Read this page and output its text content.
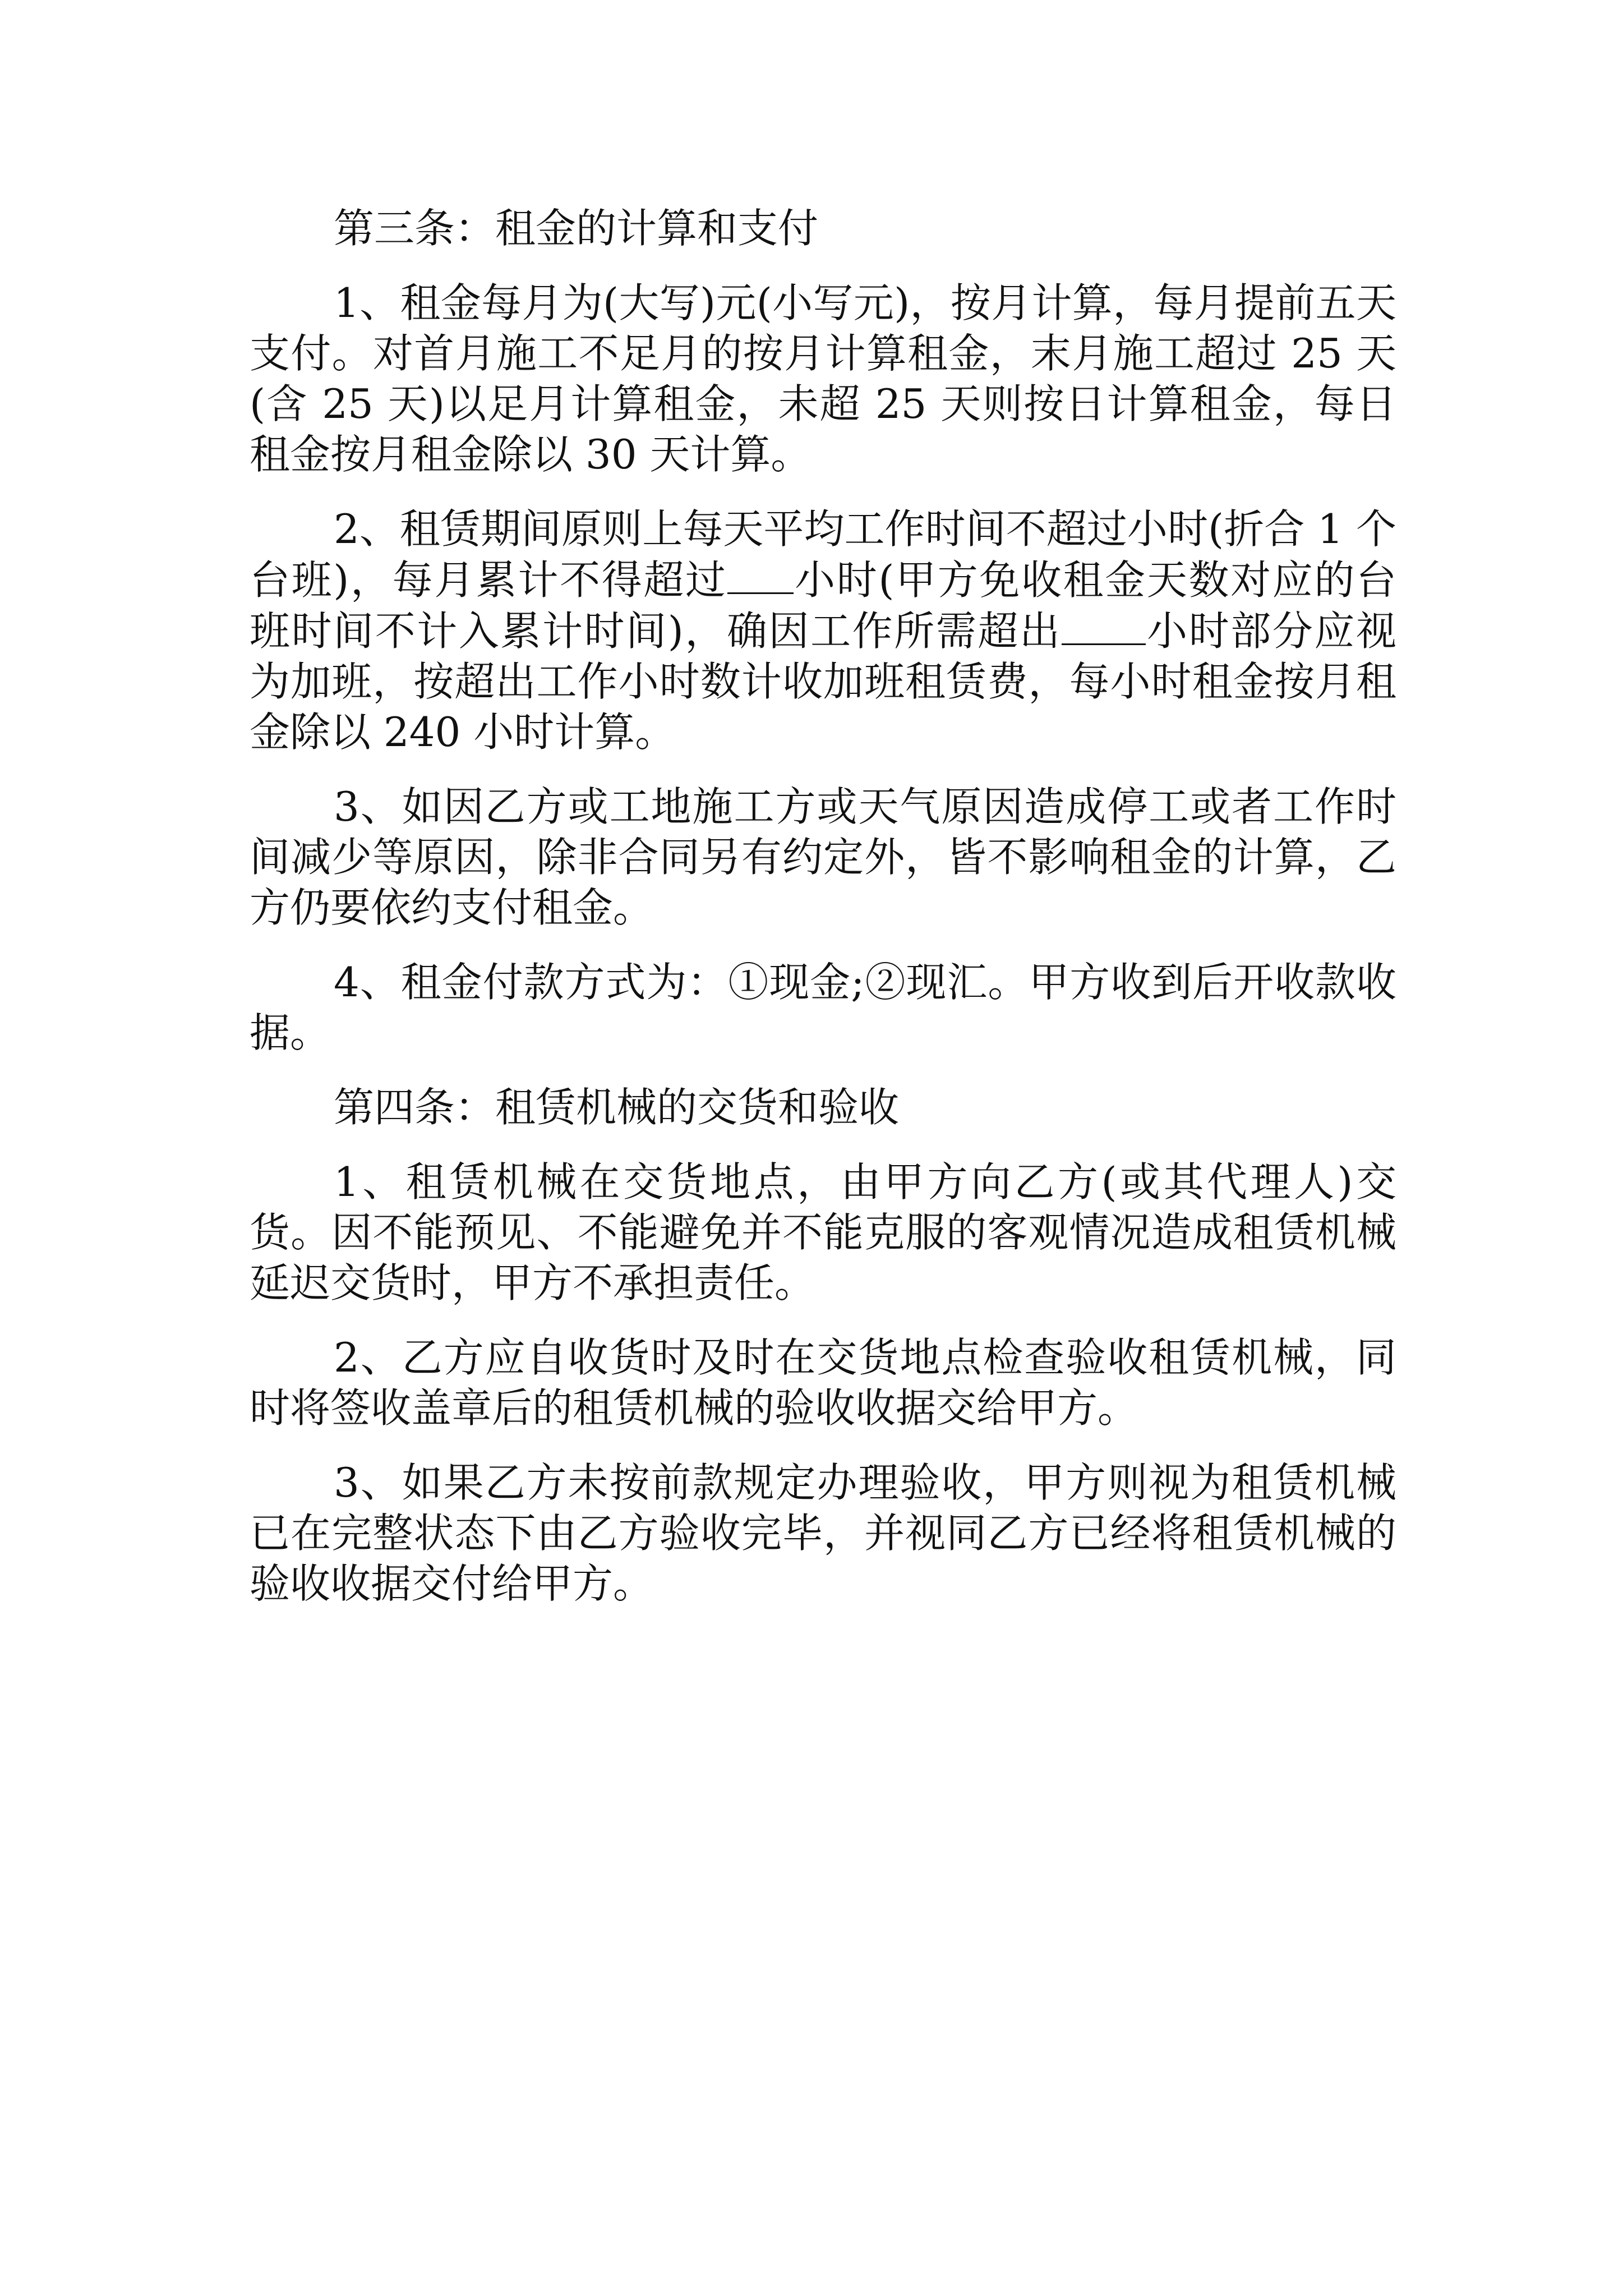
第三条：租金的计算和支付

1、租金每月为(大写)元(小写元)，按月计算，每月提前五天支付。对首月施工不足月的按月计算租金，末月施工超过 25 天(含 25 天)以足月计算租金，未超 25 天则按日计算租金，每日租金按月租金除以 30 天计算。

2、租赁期间原则上每天平均工作时间不超过小时(折合 1 个台班)，每月累计不得超过 小时(甲方免收租金天数对应的台班时间不计入累计时间)，确因工作所需超出 小时部分应视为加班，按超出工作小时数计收加班租赁费，每小时租金按月租金除以 240 小时计算。

3、如因乙方或工地施工方或天气原因造成停工或者工作时间减少等原因，除非合同另有约定外，皆不影响租金的计算，乙方仍要依约支付租金。

4、租金付款方式为：①现金;②现汇。甲方收到后开收款收据。

第四条：租赁机械的交货和验收

1、租赁机械在交货地点，由甲方向乙方(或其代理人)交货。因不能预见、不能避免并不能克服的客观情况造成租赁机械延迟交货时，甲方不承担责任。

2、乙方应自收货时及时在交货地点检查验收租赁机械，同时将签收盖章后的租赁机械的验收收据交给甲方。

3、如果乙方未按前款规定办理验收，甲方则视为租赁机械已在完整状态下由乙方验收完毕，并视同乙方已经将租赁机械的验收收据交付给甲方。
